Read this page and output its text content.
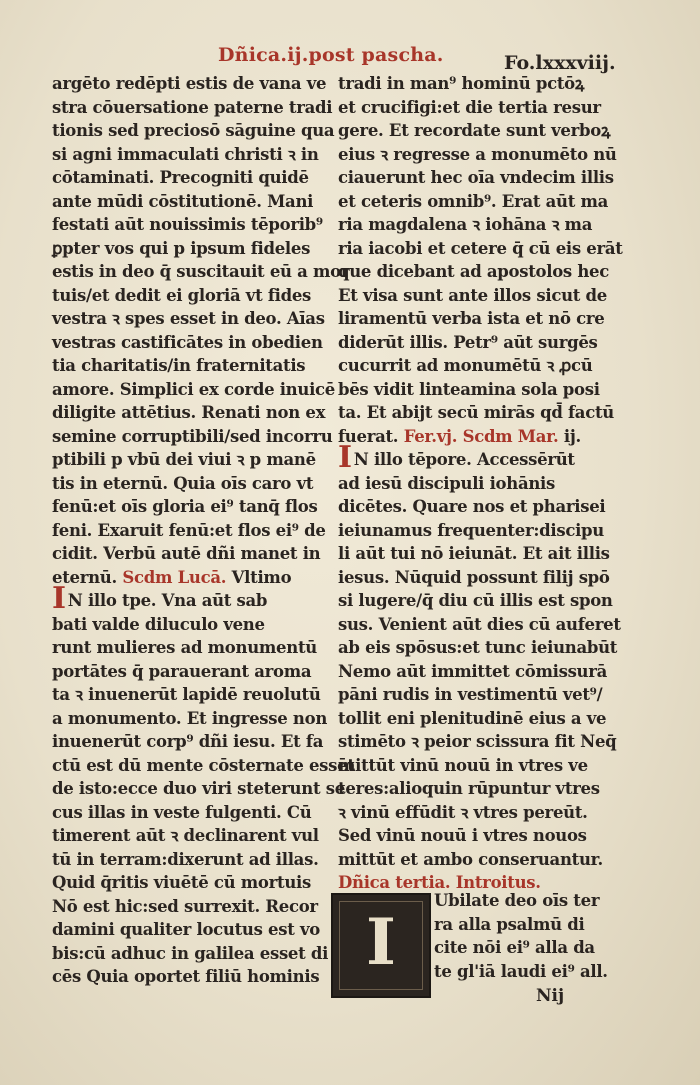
Dñica.ij.post pascha.	Fo.lxxxviij.
argēto redēpti estis de vana ve
stra cōuersatione paterne tradi
tionis sed preciosō sāguine qua
si agni immaculati christi ꝛ in
cōtaminati. Precogniti quidē
ante mūdi cōstitutionē. Mani
festati aūt nouissimis tēporib⁹
ꝑpter vos qui p ipsum fideles
estis in deo q̄ suscitauit eū a mor
tuis/et dedit ei gloriā vt fides
vestra ꝛ spes esset in deo. Aīas
vestras castificātes in obedien
tia charitatis/in fraternitatis
amore. Simplici ex corde inuicē
diligite attētius. Renati non ex
semine corruptibili/sed incorru
ptibili p vbū dei viui ꝛ p manē
tis in eternū. Quia oīs caro vt
fenū:et oīs gloria ei⁹ tanq̄ flos
feni. Exaruit fenū:et flos ei⁹ de
cidit. Verbū autē dñi manet in
eternū. Scdm Lucā. Vltimo
I N illo tpe. Vna aūt sab
bati valde diluculo vene
runt mulieres ad monumentū
portātes q̄ parauerant aroma
ta ꝛ inuenerūt lapidē reuolutū
a monumento. Et ingresse non
inuenerūt corp⁹ dñi iesu. Et fa
ctū est dū mente cōsternate essēt
de isto:ecce duo viri steterunt se
cus illas in veste fulgenti. Cū
timerent aūt ꝛ declinarent vul
tū in terram:dixerunt ad illas.
Quid q̄ritis viuētē cū mortuis
Nō est hic:sed surrexit. Recor
damini qualiter locutus est vo
bis:cū adhuc in galilea esset di
cēs Quia oportet filiū hominis
tradi in man⁹ hominū pctōꝝ
et crucifigi:et die tertia resur
gere. Et recordate sunt verboꝝ
eius ꝛ regresse a monumēto nū
ciauerunt hec oīa vndecim illis
et ceteris omnib⁹. Erat aūt ma
ria magdalena ꝛ iohāna ꝛ ma
ria iacobi et cetere q̄ cū eis erāt
que dicebant ad apostolos hec
Et visa sunt ante illos sicut de
liramentū verba ista et nō cre
diderūt illis. Petr⁹ aūt surgēs
cucurrit ad monumētū ꝛ ꝓcū
bēs vidit linteamina sola posi
ta. Et abijt secū mirās qd̄ factū
fuerat. Fer.vj. Scdm Mar. ij.
I N illo tēpore. Accessērūt
ad iesū discipuli iohānis
dicētes. Quare nos et pharisei
ieiunamus frequenter:discipu
li aūt tui nō ieiunāt. Et ait illis
iesus. Nūquid possunt filij spō
si lugere/q̄ diu cū illis est spon
sus. Venient aūt dies cū auferet
ab eis spōsus:et tunc ieiunabūt
Nemo aūt immittet cōmissurā
pāni rudis in vestimentū vet⁹/
tollit eni plenitudinē eius a ve
stimēto ꝛ peior scissura fit Neq̄
mittūt vinū nouū in vtres ve
teres:alioquin rūpuntur vtres
ꝛ vinū effūdit ꝛ vtres pereūt.
Sed vinū nouū i vtres nouos
mittūt et ambo conseruantur.
Dñica tertia. Introitus.
I
Ubilate deo oīs ter
ra alla psalmū di
cite nōi ei⁹ alla da
te gl'iā laudi ei⁹ all.
Nij
